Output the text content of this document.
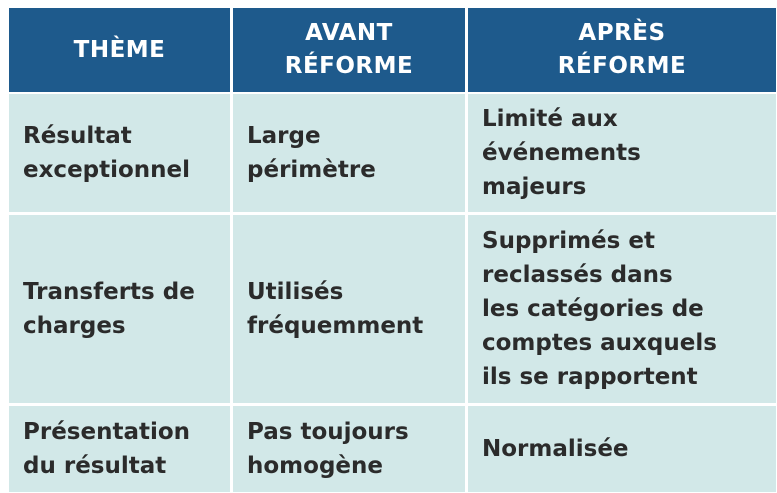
THÈME
AVANT
RÉFORME
APRÈS
RÉFORME
Résultat
exceptionnel
Large
périmètre
Limité aux
événements
majeurs
Transferts de
charges
Utilisés
fréquemment
Supprimés et
reclassés dans
les catégories de
comptes auxquels
ils se rapportent
Présentation
du résultat
Pas toujours
homogène
Normalisée
